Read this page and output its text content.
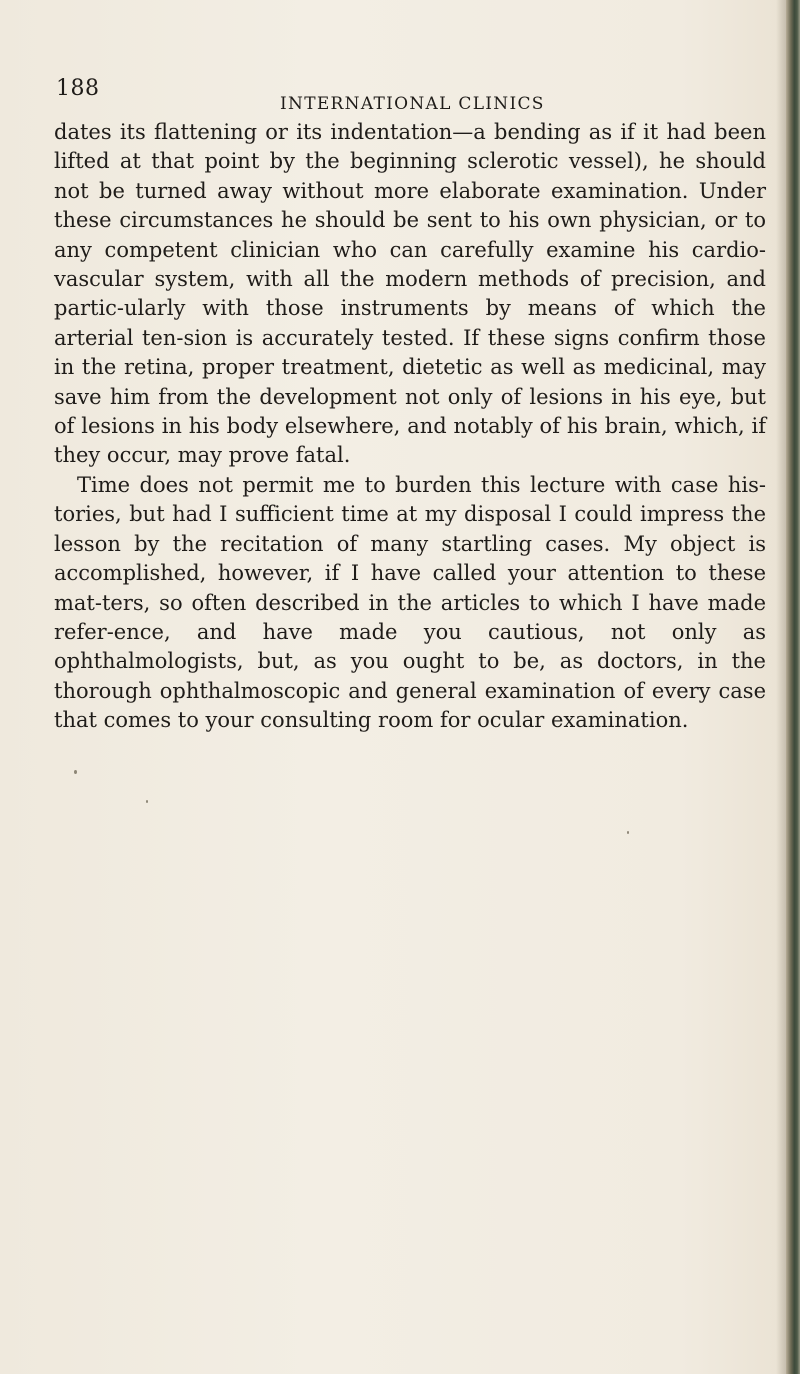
188
INTERNATIONAL CLINICS

dates its flattening or its indentation—a bending as if it had been lifted at that point by the beginning sclerotic vessel), he should not be turned away without more elaborate examination. Under these circumstances he should be sent to his own physician, or to any competent clinician who can carefully examine his cardio-vascular system, with all the modern methods of precision, and partic-ularly with those instruments by means of which the arterial ten-sion is accurately tested. If these signs confirm those in the retina, proper treatment, dietetic as well as medicinal, may save him from the development not only of lesions in his eye, but of lesions in his body elsewhere, and notably of his brain, which, if they occur, may prove fatal.

Time does not permit me to burden this lecture with case his-tories, but had I sufficient time at my disposal I could impress the lesson by the recitation of many startling cases. My object is accomplished, however, if I have called your attention to these mat-ters, so often described in the articles to which I have made refer-ence, and have made you cautious, not only as ophthalmologists, but, as you ought to be, as doctors, in the thorough ophthalmoscopic and general examination of every case that comes to your consulting room for ocular examination.
